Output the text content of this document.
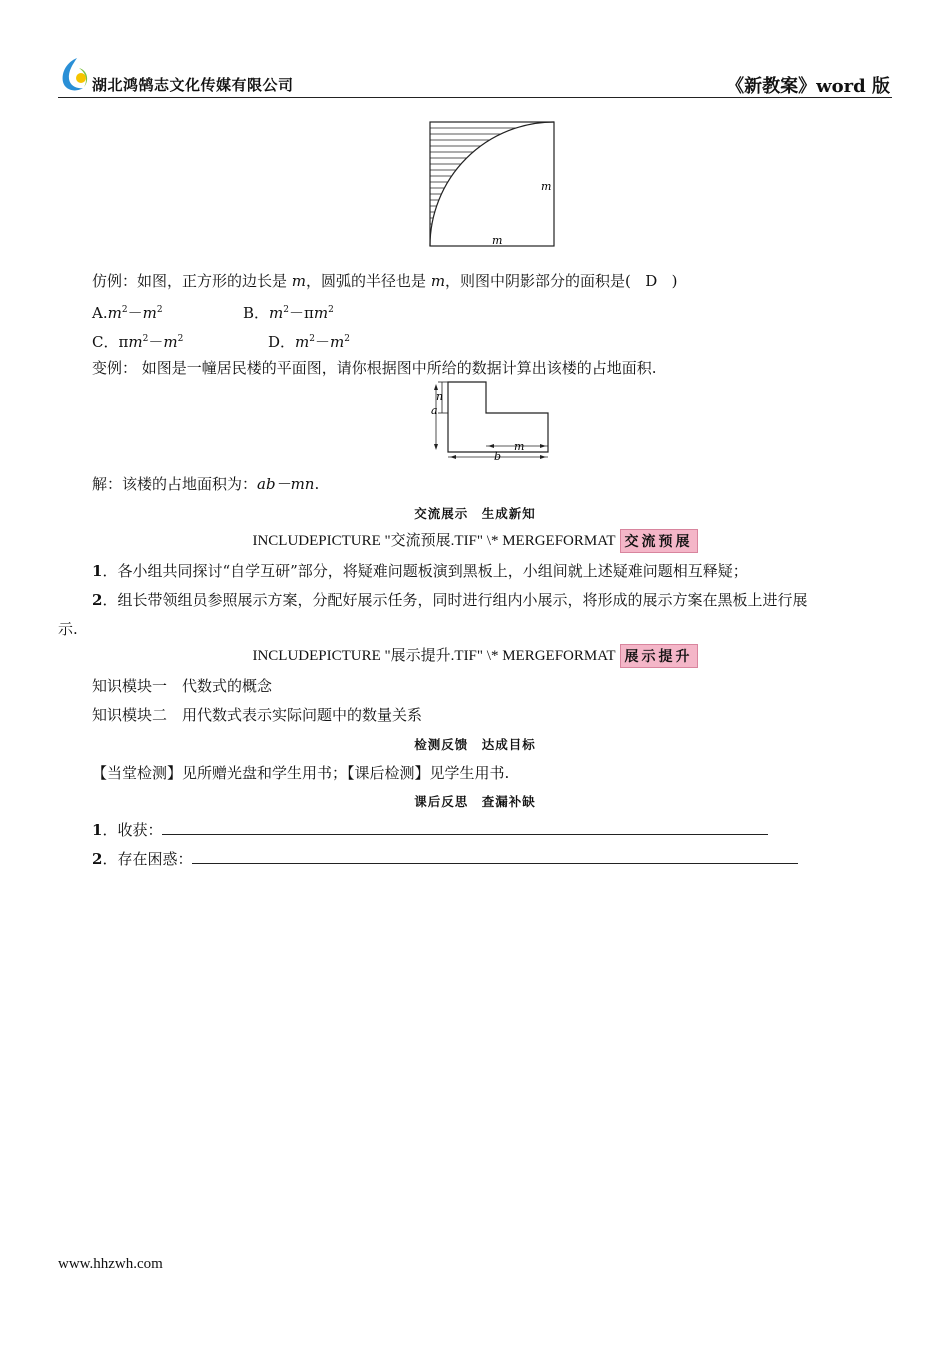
湖北鸿鹄志文化传媒有限公司	《新教案》word 版
m
m
仿例：如图，正方形的边长是 m，圆弧的半径也是 m，则图中阴影部分的面积是( D )
$A.m^2-m^2$	B．$m^2-\pi m^2$
C．$\pi m^2-m^2$	D．$m^2-m^2$
变例： 如图是一幢居民楼的平面图，请你根据图中所给的数据计算出该楼的占地面积.
n
a
m
b
解：该楼的占地面积为：ab－mn.
交流展示　生成新知
INCLUDEPICTURE "交流预展.TIF" \* MERGEFORMAT 交流预展
1．各小组共同探讨“自学互研”部分，将疑难问题板演到黑板上，小组间就上述疑难问题相互释疑；
2．组长带领组员参照展示方案，分配好展示任务，同时进行组内小展示，将形成的展示方案在黑板上进行展
示.
INCLUDEPICTURE "展示提升.TIF" \* MERGEFORMAT 展示提升
知识模块一　代数式的概念
知识模块二　用代数式表示实际问题中的数量关系
检测反馈　达成目标
【当堂检测】见所赠光盘和学生用书；【课后检测】见学生用书.
课后反思　查漏补缺
1．收获：
2．存在困惑：
www.hhzwh.com
